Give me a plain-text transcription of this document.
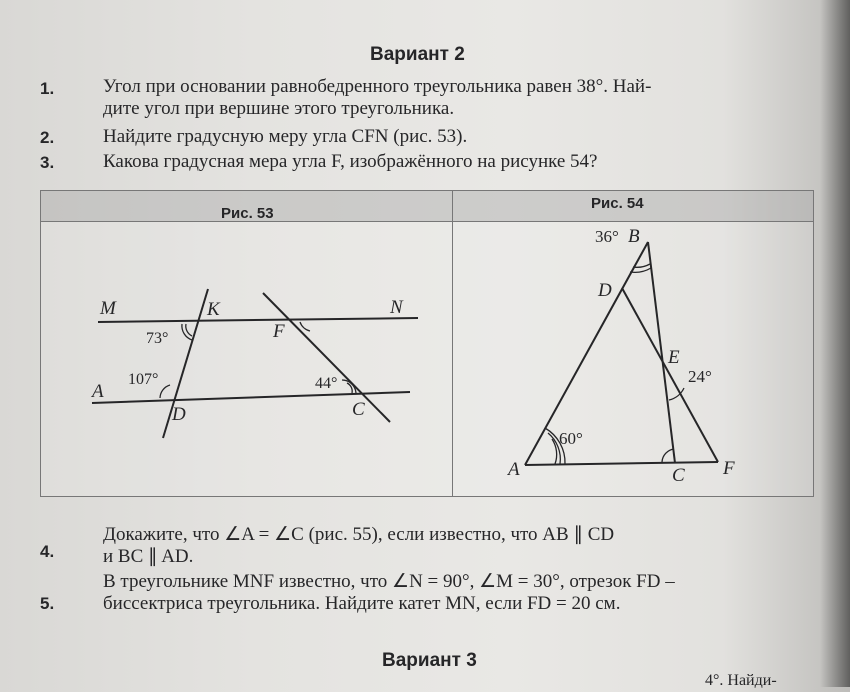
Вариант 2
1.	Угол при основании равнобедренного треугольника равен 38°. Най-
дите угол при вершине этого треугольника.
2.	Найдите градусную меру угла CFN (рис. 53).
3.	Какова градусная мера угла F, изображённого на рисунке 54?
Рис. 53
Рис. 54
M	K	N
F
A
D	C
73°
107°	44°
36° B
D
E
24°
60°
A	C F
4.
Докажите, что ∠A = ∠C (рис. 55), если известно, что AB ∥ CD
и BC ∥ AD.
5.
В треугольнике MNF известно, что ∠N = 90°, ∠M = 30°, отрезок FD –
биссектриса треугольника. Найдите катет MN, если FD = 20 см.
Вариант 3
4°. Найди-
